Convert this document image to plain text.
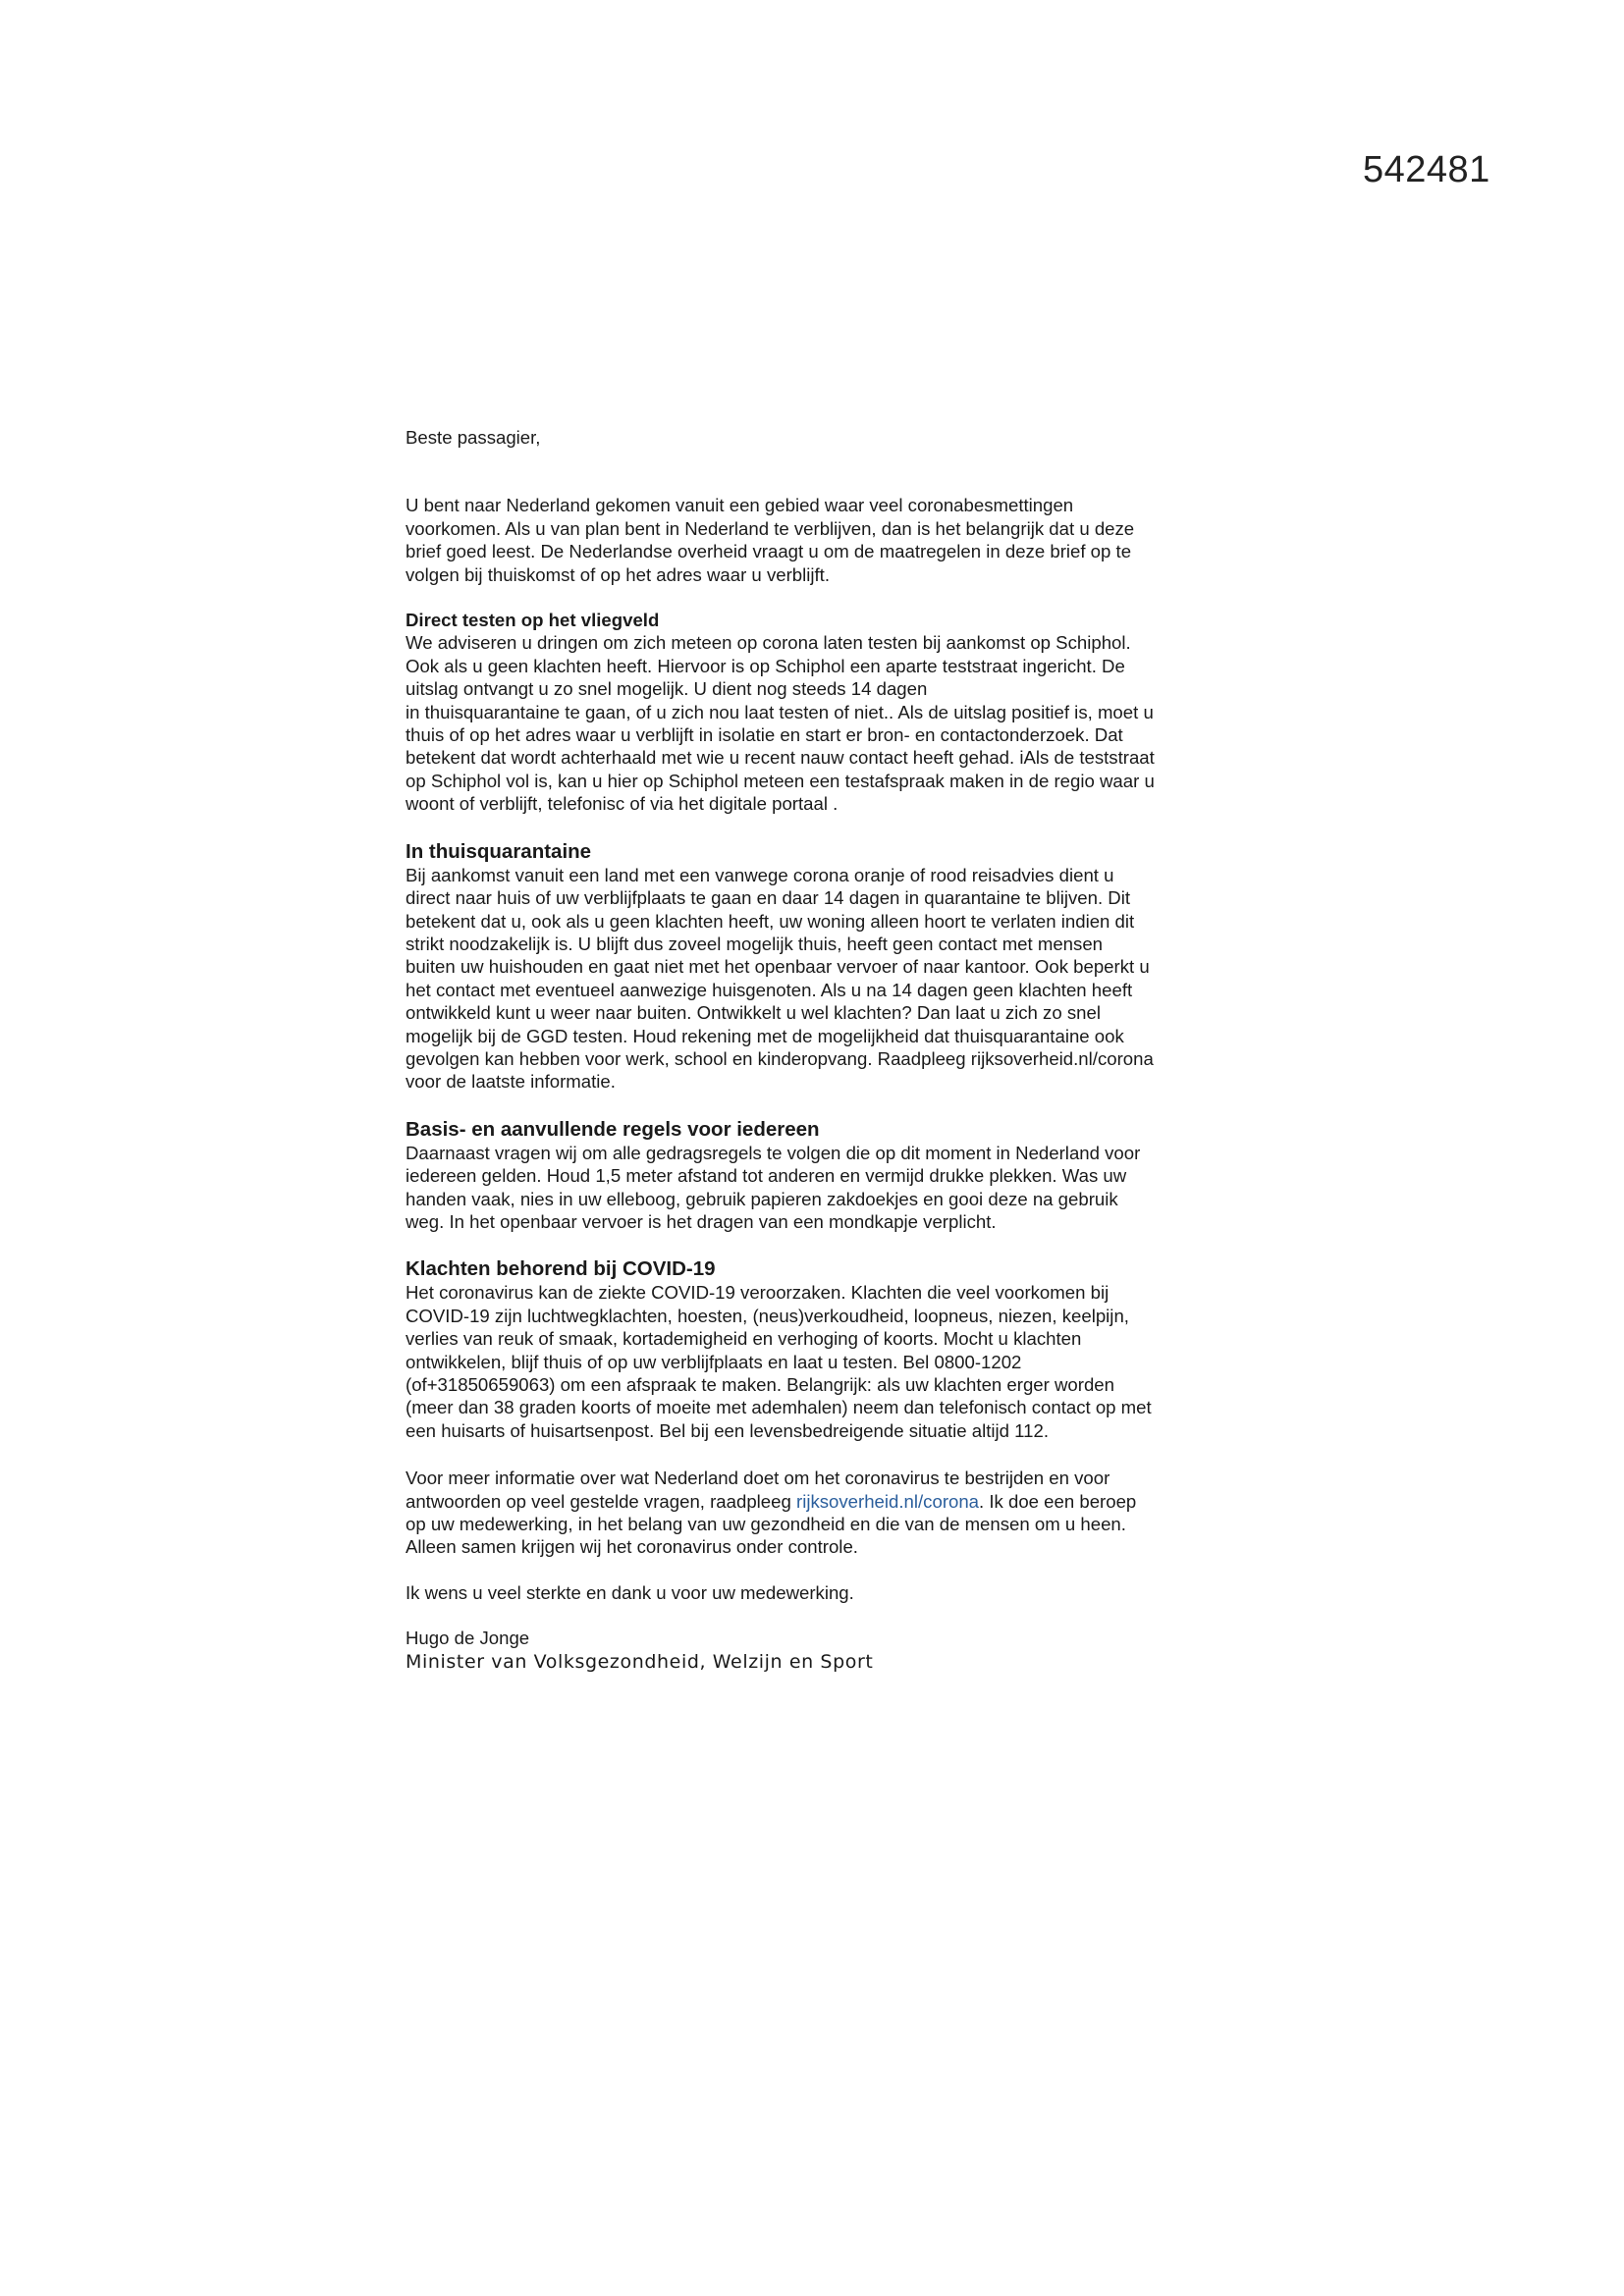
542481

Beste passagier,

U bent naar Nederland gekomen vanuit een gebied waar veel coronabesmettingen
voorkomen. Als u van plan bent in Nederland te verblijven, dan is het belangrijk dat u deze
brief goed leest. De Nederlandse overheid vraagt u om de maatregelen in deze brief op te
volgen bij thuiskomst of op het adres waar u verblijft.

Direct testen op het vliegveld
We adviseren u dringen om zich meteen op corona laten testen bij aankomst op Schiphol.
Ook als u geen klachten heeft. Hiervoor is op Schiphol een aparte teststraat ingericht. De
uitslag ontvangt u zo snel mogelijk. U dient nog steeds 14 dagen
in thuisquarantaine te gaan, of u zich nou laat testen of niet.. Als de uitslag positief is, moet u
thuis of op het adres waar u verblijft in isolatie en start er bron- en contactonderzoek. Dat
betekent dat wordt achterhaald met wie u recent nauw contact heeft gehad. iAls de teststraat
op Schiphol vol is, kan u hier op Schiphol meteen een testafspraak maken in de regio waar u
woont of verblijft, telefonisc of via het digitale portaal .
In thuisquarantaine
Bij aankomst vanuit een land met een vanwege corona oranje of rood reisadvies dient u
direct naar huis of uw verblijfplaats te gaan en daar 14 dagen in quarantaine te blijven. Dit
betekent dat u, ook als u geen klachten heeft, uw woning alleen hoort te verlaten indien dit
strikt noodzakelijk is. U blijft dus zoveel mogelijk thuis, heeft geen contact met mensen
buiten uw huishouden en gaat niet met het openbaar vervoer of naar kantoor. Ook beperkt u
het contact met eventueel aanwezige huisgenoten. Als u na 14 dagen geen klachten heeft
ontwikkeld kunt u weer naar buiten. Ontwikkelt u wel klachten? Dan laat u zich zo snel
mogelijk bij de GGD testen. Houd rekening met de mogelijkheid dat thuisquarantaine ook
gevolgen kan hebben voor werk, school en kinderopvang. Raadpleeg rijksoverheid.nl/corona
voor de laatste informatie.
Basis- en aanvullende regels voor iedereen
Daarnaast vragen wij om alle gedragsregels te volgen die op dit moment in Nederland voor
iedereen gelden. Houd 1,5 meter afstand tot anderen en vermijd drukke plekken. Was uw
handen vaak, nies in uw elleboog, gebruik papieren zakdoekjes en gooi deze na gebruik
weg. In het openbaar vervoer is het dragen van een mondkapje verplicht.
Klachten behorend bij COVID-19
Het coronavirus kan de ziekte COVID-19 veroorzaken. Klachten die veel voorkomen bij
COVID-19 zijn luchtwegklachten, hoesten, (neus)verkoudheid, loopneus, niezen, keelpijn,
verlies van reuk of smaak, kortademigheid en verhoging of koorts. Mocht u klachten
ontwikkelen, blijf thuis of op uw verblijfplaats en laat u testen. Bel 0800-1202
(of+31850659063) om een afspraak te maken. Belangrijk: als uw klachten erger worden
(meer dan 38 graden koorts of moeite met ademhalen) neem dan telefonisch contact op met
een huisarts of huisartsenpost. Bel bij een levensbedreigende situatie altijd 112.

Voor meer informatie over wat Nederland doet om het coronavirus te bestrijden en voor
antwoorden op veel gestelde vragen, raadpleeg rijksoverheid.nl/corona. Ik doe een beroep
op uw medewerking, in het belang van uw gezondheid en die van de mensen om u heen.
Alleen samen krijgen wij het coronavirus onder controle.

Ik wens u veel sterkte en dank u voor uw medewerking.

Hugo de Jonge
Minister van Volksgezondheid, Welzijn en Sport
